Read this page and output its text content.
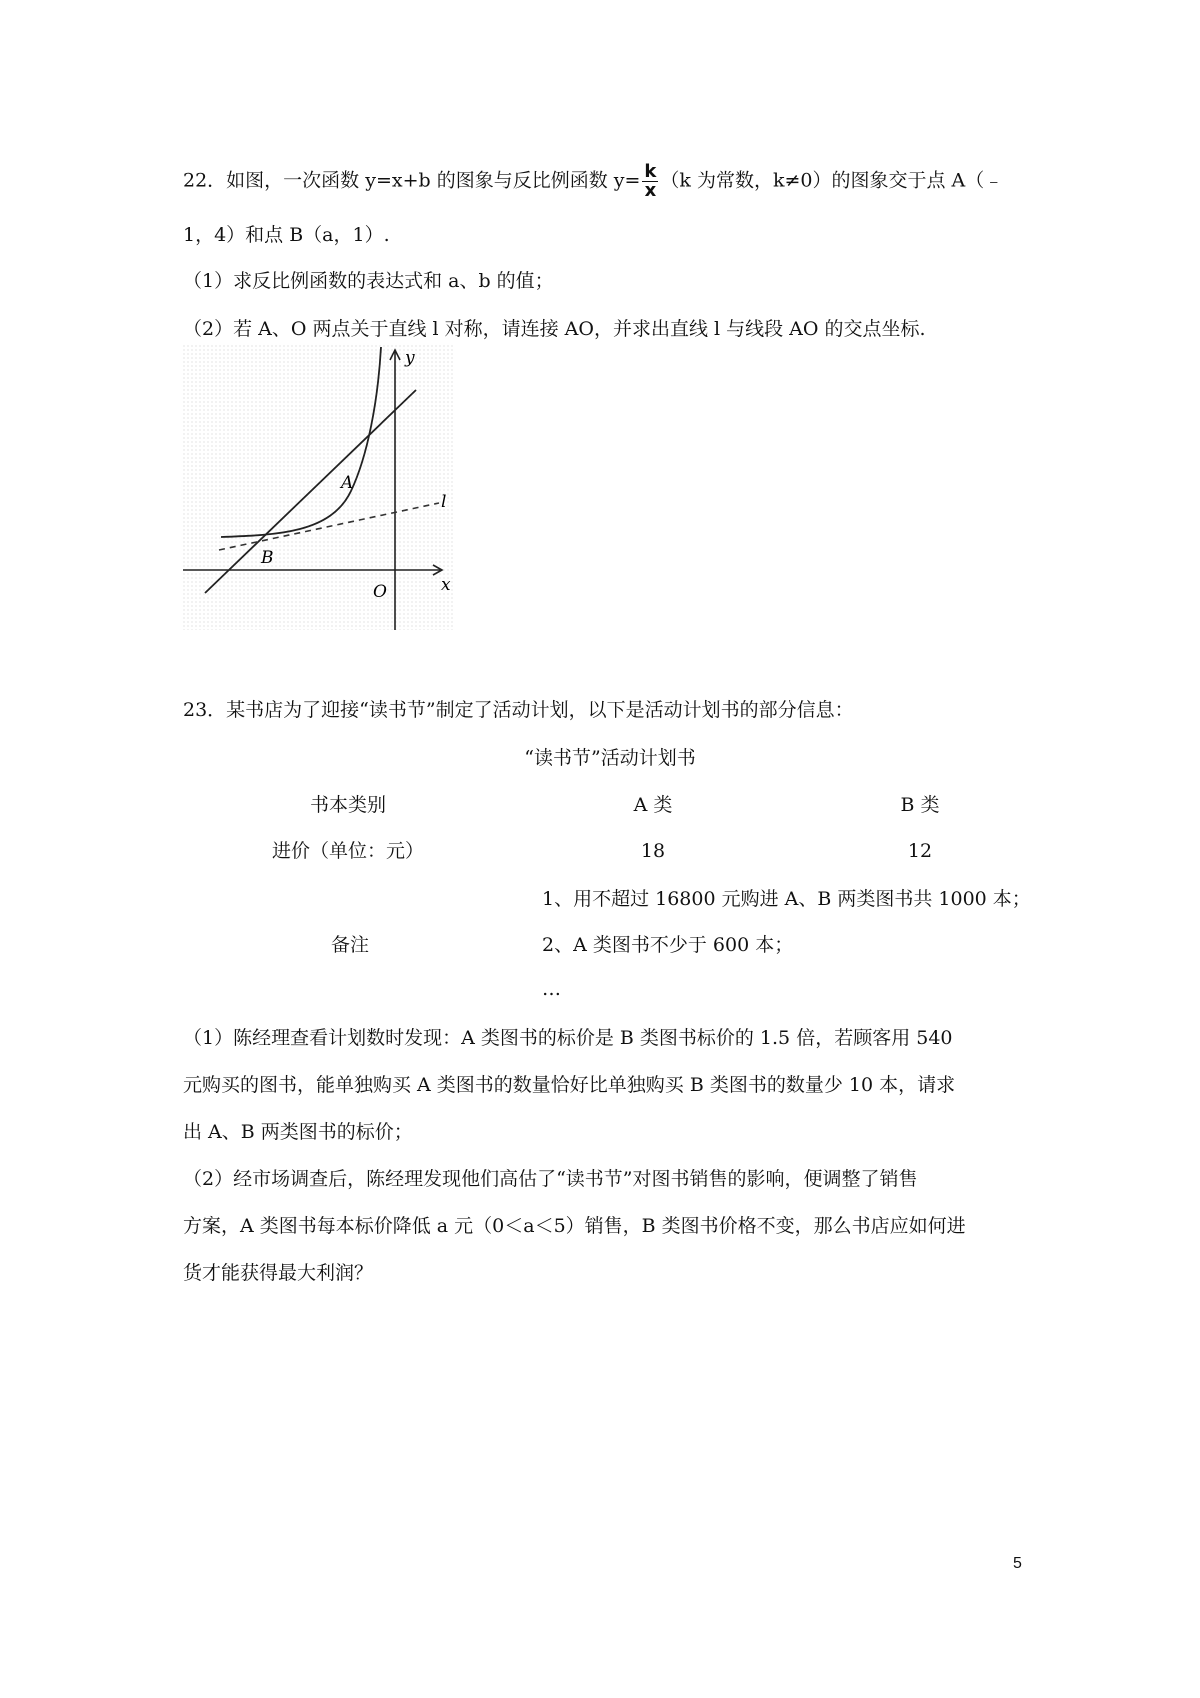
22．如图，一次函数 y=x+b 的图象与反比例函数 $y= \frac{k}{x} (k$ 为常数，k≠0）的图象交于点 A（﹣
1，4）和点 B（a，1）.
（1）求反比例函数的表达式和 a、b 的值；
（2）若 A、O 两点关于直线 l 对称，请连接 AO，并求出直线 l 与线段 AO 的交点坐标.
y
x
O
A
B
l
23．某书店为了迎接“读书节”制定了活动计划，以下是活动计划书的部分信息：
“读书节”活动计划书
书本类别	A 类	B 类
进价（单位：元）	18	12
1、用不超过 16800 元购进 A、B 两类图书共 1000 本；
备注	2、A 类图书不少于 600 本；
…
（1）陈经理查看计划数时发现：A 类图书的标价是 B 类图书标价的 1.5 倍，若顾客用 540
元购买的图书，能单独购买 A 类图书的数量恰好比单独购买 B 类图书的数量少 10 本，请求
出 A、B 两类图书的标价；
（2）经市场调查后，陈经理发现他们高估了“读书节”对图书销售的影响，便调整了销售
方案，A 类图书每本标价降低 a 元（0＜a＜5）销售，B 类图书价格不变，那么书店应如何进
货才能获得最大利润？
5
